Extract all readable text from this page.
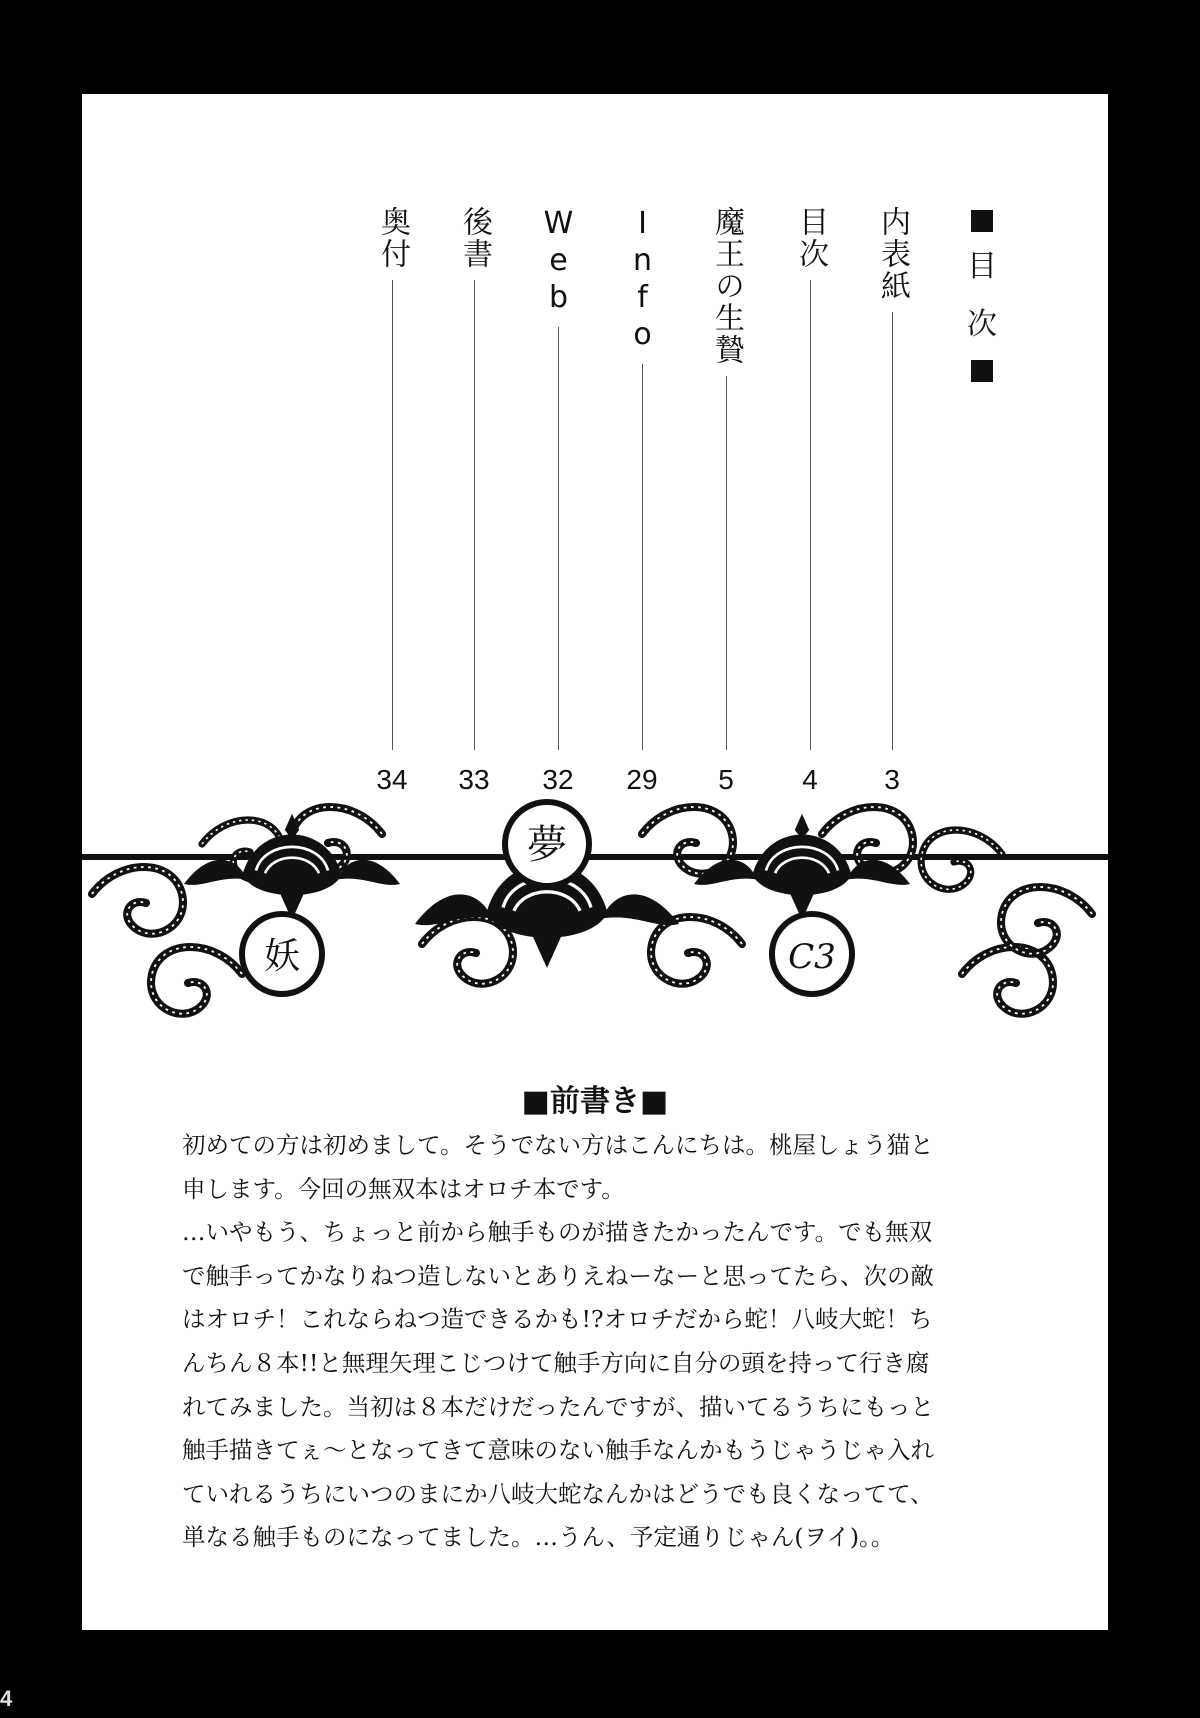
目
次
内表紙
3
目次
4
魔王の生贄
5
Info
29
Web
32
後書
33
奥付
34
夢
妖	C3
■前書き■
初めての方は初めまして。そうでない方はこんにちは。桃屋しょう猫と
申します。今回の無双本はオロチ本です。
…いやもう、ちょっと前から触手ものが描きたかったんです。でも無双
で触手ってかなりねつ造しないとありえねーなーと思ってたら、次の敵
はオロチ！これならねつ造できるかも!?オロチだから蛇！八岐大蛇！ち
んちん８本!!と無理矢理こじつけて触手方向に自分の頭を持って行き腐
れてみました。当初は８本だけだったんですが、描いてるうちにもっと
触手描きてぇ～となってきて意味のない触手なんかもうじゃうじゃ入れ
ていれるうちにいつのまにか八岐大蛇なんかはどうでも良くなってて、
単なる触手ものになってました。…うん、予定通りじゃん(ヲイ)。。
4
